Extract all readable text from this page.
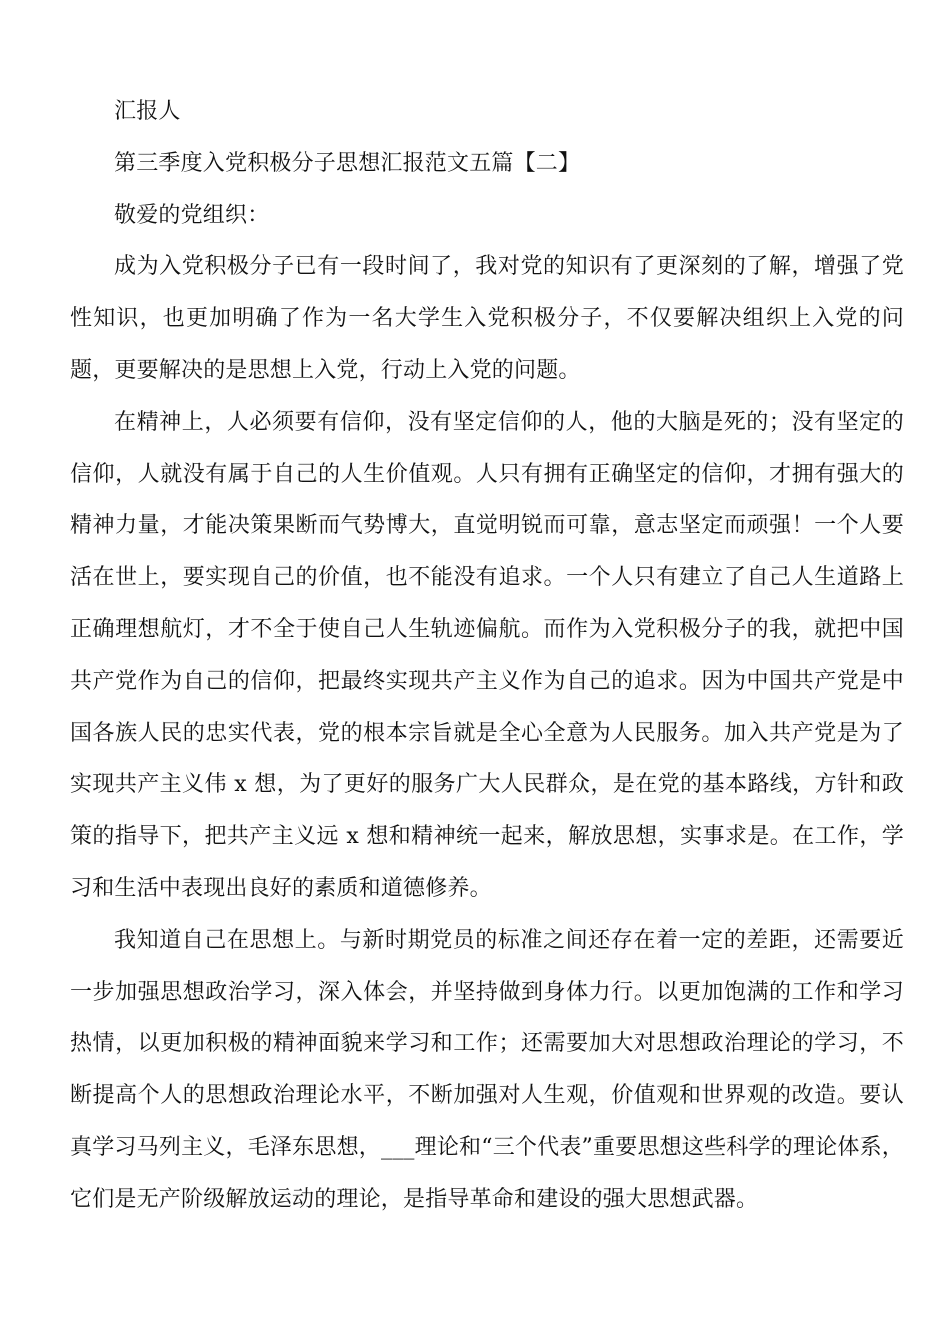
汇报人

第三季度入党积极分子思想汇报范文五篇【二】

敬爱的党组织：

成为入党积极分子已有一段时间了，我对党的知识有了更深刻的了解，增强了党性知识，也更加明确了作为一名大学生入党积极分子，不仅要解决组织上入党的问题，更要解决的是思想上入党，行动上入党的问题。

在精神上，人必须要有信仰，没有坚定信仰的人，他的大脑是死的；没有坚定的信仰，人就没有属于自己的人生价值观。人只有拥有正确坚定的信仰，才拥有强大的精神力量，才能决策果断而气势博大，直觉明锐而可靠，意志坚定而顽强！一个人要活在世上，要实现自己的价值，也不能没有追求。一个人只有建立了自己人生道路上正确理想航灯，才不全于使自己人生轨迹偏航。而作为入党积极分子的我，就把中国共产党作为自己的信仰，把最终实现共产主义作为自己的追求。因为中国共产党是中国各族人民的忠实代表，党的根本宗旨就是全心全意为人民服务。加入共产党是为了实现共产主义伟 x 想，为了更好的服务广大人民群众，是在党的基本路线，方针和政策的指导下，把共产主义远 x 想和精神统一起来，解放思想，实事求是。在工作，学习和生活中表现出良好的素质和道德修养。

我知道自己在思想上。与新时期党员的标准之间还存在着一定的差距，还需要近一步加强思想政治学习，深入体会，并坚持做到身体力行。以更加饱满的工作和学习热情，以更加积极的精神面貌来学习和工作；还需要加大对思想政治理论的学习，不断提高个人的思想政治理论水平，不断加强对人生观，价值观和世界观的改造。要认真学习马列主义，毛泽东思想，___理论和“三个代表”重要思想这些科学的理论体系，它们是无产阶级解放运动的理论，是指导革命和建设的强大思想武器。
